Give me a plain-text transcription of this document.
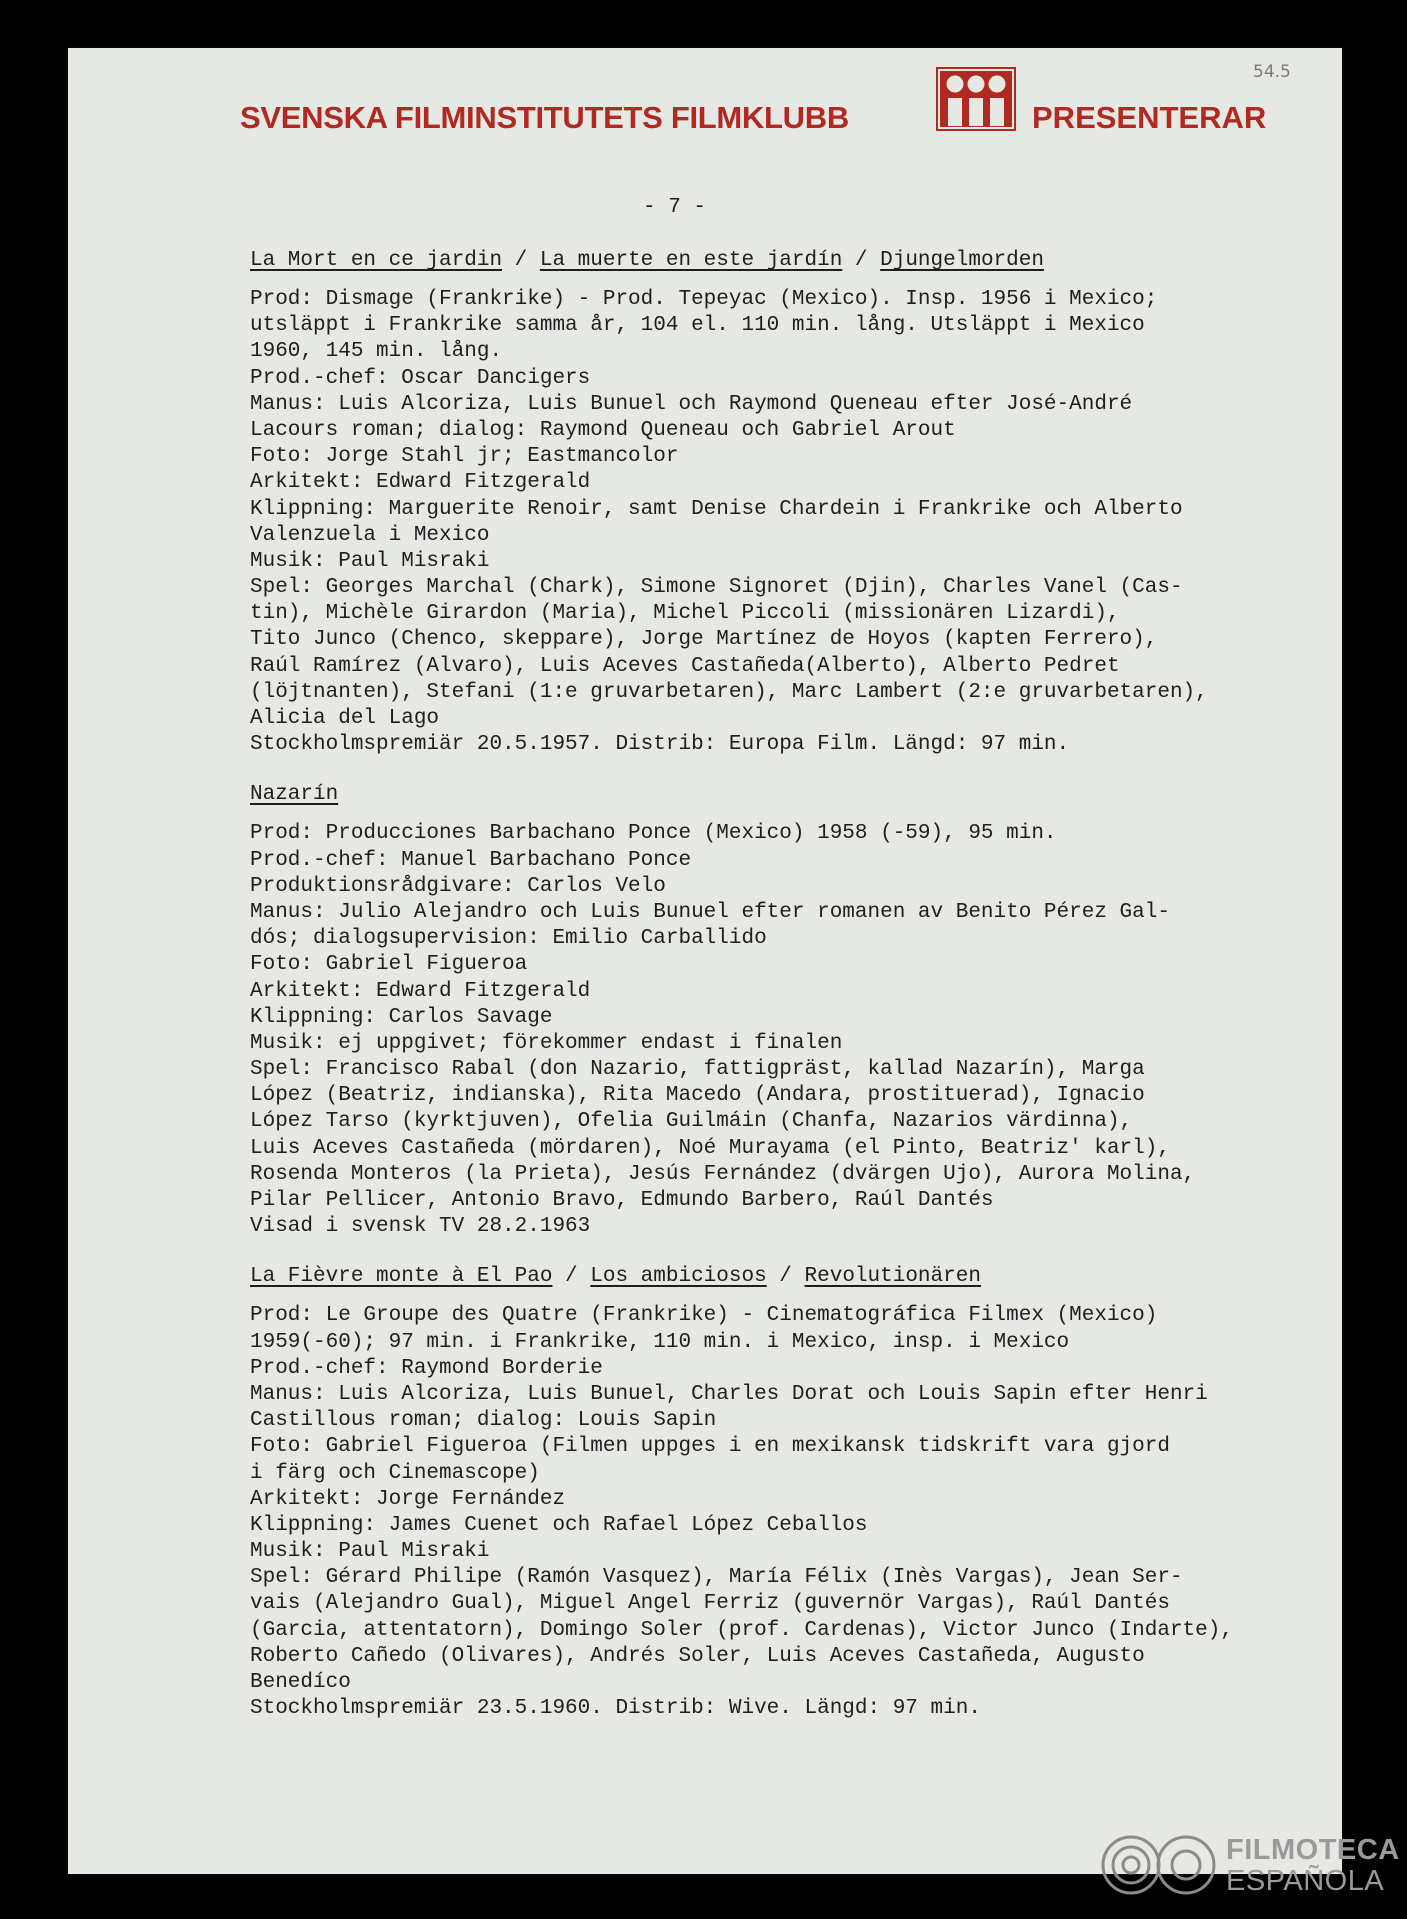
54.5
SVENSKA FILMINSTITUTETS FILMKLUBB	PRESENTERAR
- 7 -
La Mort en ce jardin / La muerte en este jardín / Djungelmorden
Prod: Dismage (Frankrike) - Prod. Tepeyac (Mexico). Insp. 1956 i Mexico;
utsläppt i Frankrike samma år, 104 el. 110 min. lång. Utsläppt i Mexico
1960, 145 min. lång.
Prod.-chef: Oscar Dancigers
Manus: Luis Alcoriza, Luis Bunuel och Raymond Queneau efter José-André
Lacours roman; dialog: Raymond Queneau och Gabriel Arout
Foto: Jorge Stahl jr; Eastmancolor
Arkitekt: Edward Fitzgerald
Klippning: Marguerite Renoir, samt Denise Chardein i Frankrike och Alberto
Valenzuela i Mexico
Musik: Paul Misraki
Spel: Georges Marchal (Chark), Simone Signoret (Djin), Charles Vanel (Cas-
tin), Michèle Girardon (Maria), Michel Piccoli (missionären Lizardi),
Tito Junco (Chenco, skeppare), Jorge Martínez de Hoyos (kapten Ferrero),
Raúl Ramírez (Alvaro), Luis Aceves Castañeda(Alberto), Alberto Pedret
(löjtnanten), Stefani (1:e gruvarbetaren), Marc Lambert (2:e gruvarbetaren),
Alicia del Lago
Stockholmspremiär 20.5.1957. Distrib: Europa Film. Längd: 97 min.
Nazarín
Prod: Producciones Barbachano Ponce (Mexico) 1958 (-59), 95 min.
Prod.-chef: Manuel Barbachano Ponce
Produktionsrådgivare: Carlos Velo
Manus: Julio Alejandro och Luis Bunuel efter romanen av Benito Pérez Gal-
dós; dialogsupervision: Emilio Carballido
Foto: Gabriel Figueroa
Arkitekt: Edward Fitzgerald
Klippning: Carlos Savage
Musik: ej uppgivet; förekommer endast i finalen
Spel: Francisco Rabal (don Nazario, fattigpräst, kallad Nazarín), Marga
López (Beatriz, indianska), Rita Macedo (Andara, prostituerad), Ignacio
López Tarso (kyrktjuven), Ofelia Guilmáin (Chanfa, Nazarios värdinna),
Luis Aceves Castañeda (mördaren), Noé Murayama (el Pinto, Beatriz' karl),
Rosenda Monteros (la Prieta), Jesús Fernández (dvärgen Ujo), Aurora Molina,
Pilar Pellicer, Antonio Bravo, Edmundo Barbero, Raúl Dantés
Visad i svensk TV 28.2.1963
La Fièvre monte à El Pao / Los ambiciosos / Revolutionären
Prod: Le Groupe des Quatre (Frankrike) - Cinematográfica Filmex (Mexico)
1959(-60); 97 min. i Frankrike, 110 min. i Mexico, insp. i Mexico
Prod.-chef: Raymond Borderie
Manus: Luis Alcoriza, Luis Bunuel, Charles Dorat och Louis Sapin efter Henri
Castillous roman; dialog: Louis Sapin
Foto: Gabriel Figueroa (Filmen uppges i en mexikansk tidskrift vara gjord
i färg och Cinemascope)
Arkitekt: Jorge Fernández
Klippning: James Cuenet och Rafael López Ceballos
Musik: Paul Misraki
Spel: Gérard Philipe (Ramón Vasquez), María Félix (Inès Vargas), Jean Ser-
vais (Alejandro Gual), Miguel Angel Ferriz (guvernör Vargas), Raúl Dantés
(Garcia, attentatorn), Domingo Soler (prof. Cardenas), Victor Junco (Indarte),
Roberto Cañedo (Olivares), Andrés Soler, Luis Aceves Castañeda, Augusto
Benedíco
Stockholmspremiär 23.5.1960. Distrib: Wive. Längd: 97 min.
FILMOTECA
ESPAÑOLA
